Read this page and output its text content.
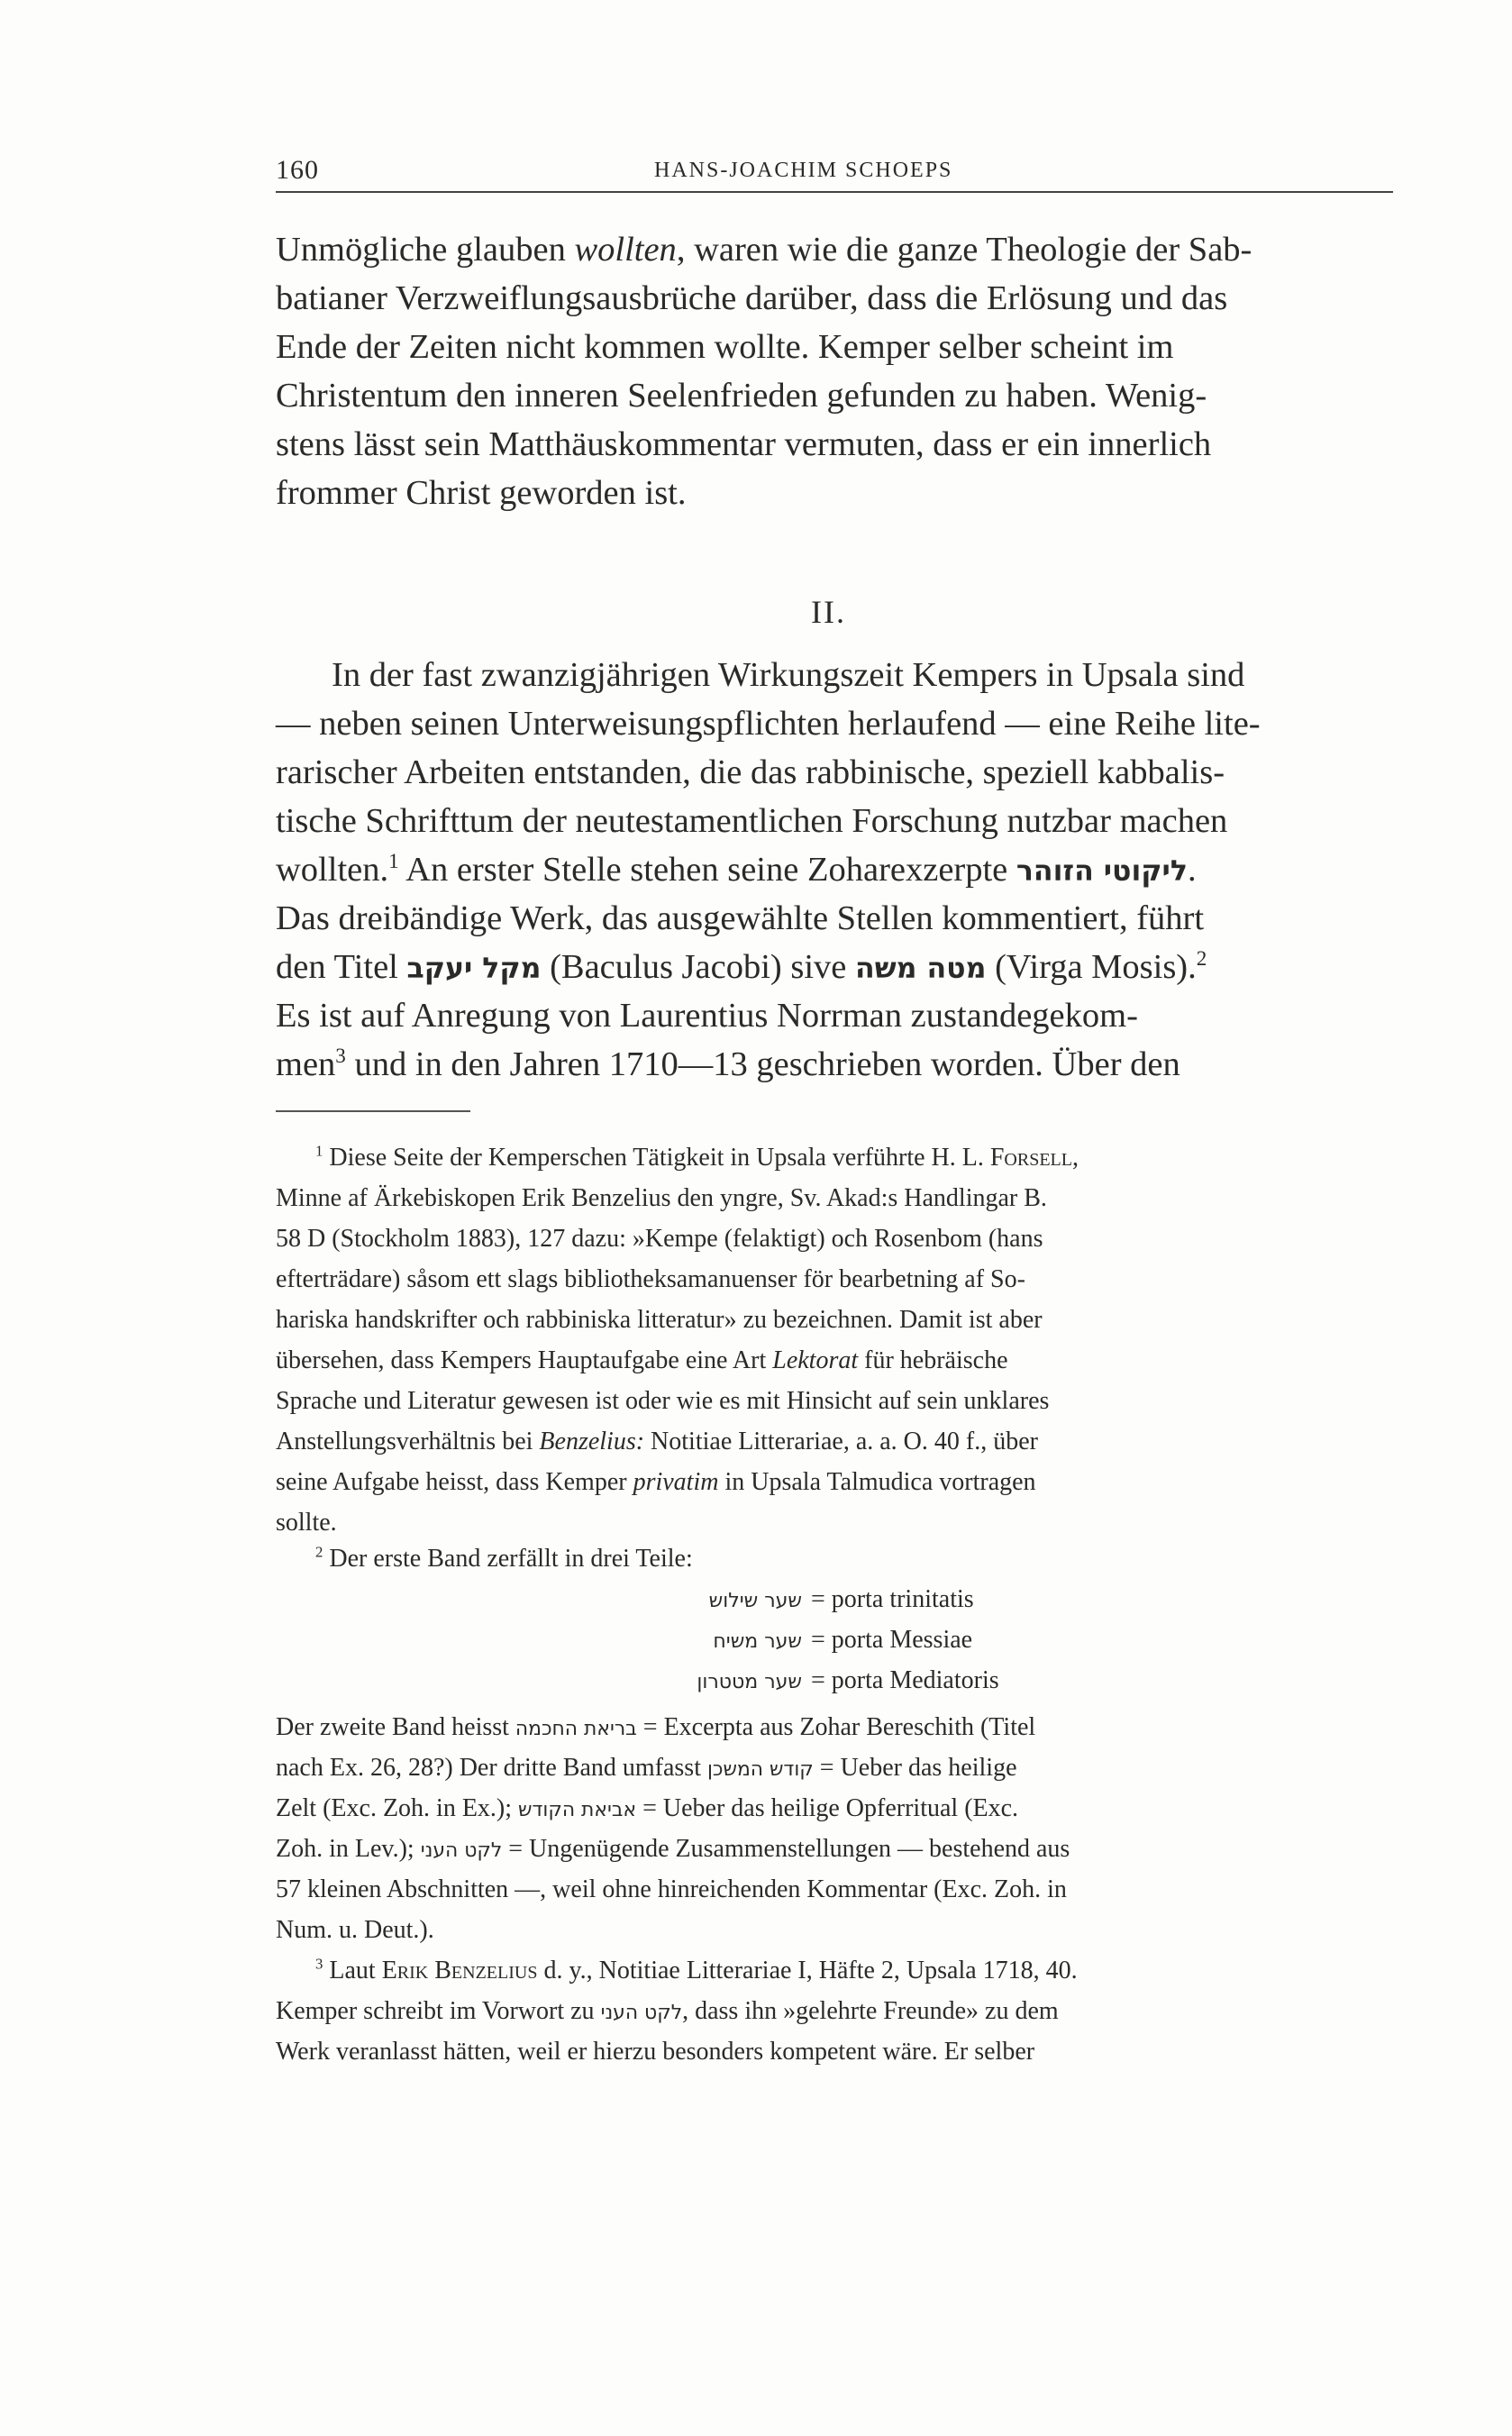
160	HANS-JOACHIM SCHOEPS
Unmögliche glauben wollten, waren wie die ganze Theologie der Sab-
batianer Verzweiflungsausbrüche darüber, dass die Erlösung und das
Ende der Zeiten nicht kommen wollte. Kemper selber scheint im
Christentum den inneren Seelenfrieden gefunden zu haben. Wenig-
stens lässt sein Matthäuskommentar vermuten, dass er ein innerlich
frommer Christ geworden ist.
II.
In der fast zwanzigjährigen Wirkungszeit Kempers in Upsala sind
— neben seinen Unterweisungspflichten herlaufend — eine Reihe lite-
rarischer Arbeiten entstanden, die das rabbinische, speziell kabbalis-
tische Schrifttum der neutestamentlichen Forschung nutzbar machen
wollten.$^1$ An erster Stelle stehen seine Zoharexzerpte ליקוטי הזוהר.
Das dreibändige Werk, das ausgewählte Stellen kommentiert, führt
den Titel מקל יעקב (Baculus Jacobi) sive מטה משה (Virga Mosis).$^2$
Es ist auf Anregung von Laurentius Norrman zustandegekom-
men$^3$ und in den Jahren 1710—13 geschrieben worden. Über den
$^1$ Diese Seite der Kemperschen Tätigkeit in Upsala verführte H. L. Forsell,
Minne af Ärkebiskopen Erik Benzelius den yngre, Sv. Akad:s Handlingar B.
58 D (Stockholm 1883), 127 dazu: »Kempe (felaktigt) och Rosenbom (hans
efterträdare) såsom ett slags bibliotheksamanuenser för bearbetning af So-
hariska handskrifter och rabbiniska litteratur» zu bezeichnen. Damit ist aber
übersehen, dass Kempers Hauptaufgabe eine Art Lektorat für hebräische
Sprache und Literatur gewesen ist oder wie es mit Hinsicht auf sein unklares
Anstellungsverhältnis bei Benzelius: Notitiae Litterariae, a. a. O. 40 f., über
seine Aufgabe heisst, dass Kemper privatim in Upsala Talmudica vortragen
sollte.
$^2$ Der erste Band zerfällt in drei Teile:
שער שילוש = porta trinitatis
שער משיח = porta Messiae
שער מטטרון = porta Mediatoris
Der zweite Band heisst בריאת החכמה = Excerpta aus Zohar Bereschith (Titel
nach Ex. 26, 28?) Der dritte Band umfasst קודש המשכן = Ueber das heilige
Zelt (Exc. Zoh. in Ex.); אביאת הקודש = Ueber das heilige Opferritual (Exc.
Zoh. in Lev.); לקט העני = Ungenügende Zusammenstellungen — bestehend aus
57 kleinen Abschnitten —, weil ohne hinreichenden Kommentar (Exc. Zoh. in
Num. u. Deut.).
$^3$ Laut Erik Benzelius d. y., Notitiae Litterariae I, Häfte 2, Upsala 1718, 40.
Kemper schreibt im Vorwort zu לקט העני, dass ihn »gelehrte Freunde» zu dem
Werk veranlasst hätten, weil er hierzu besonders kompetent wäre. Er selber
